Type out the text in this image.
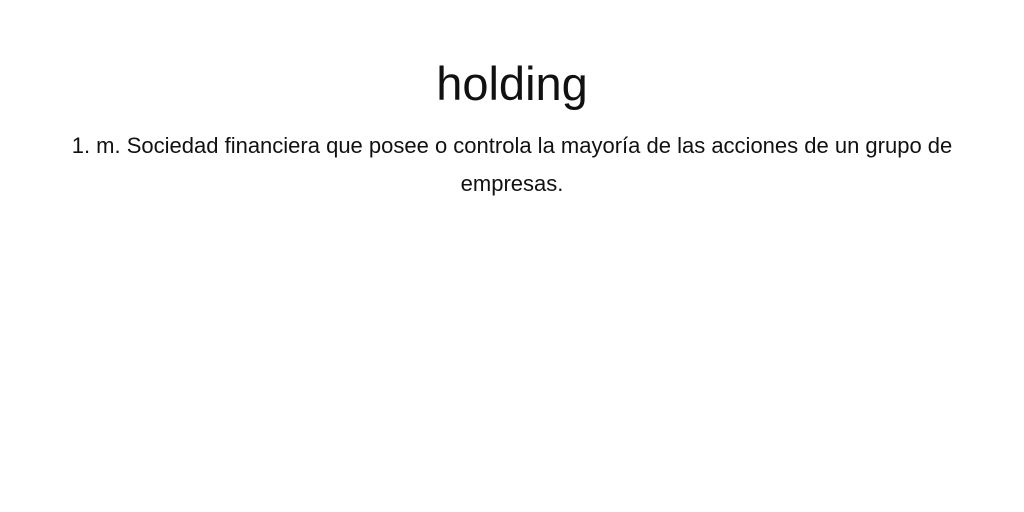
holding

1. m. Sociedad financiera que posee o controla la mayoría de las acciones de un grupo de empresas.
